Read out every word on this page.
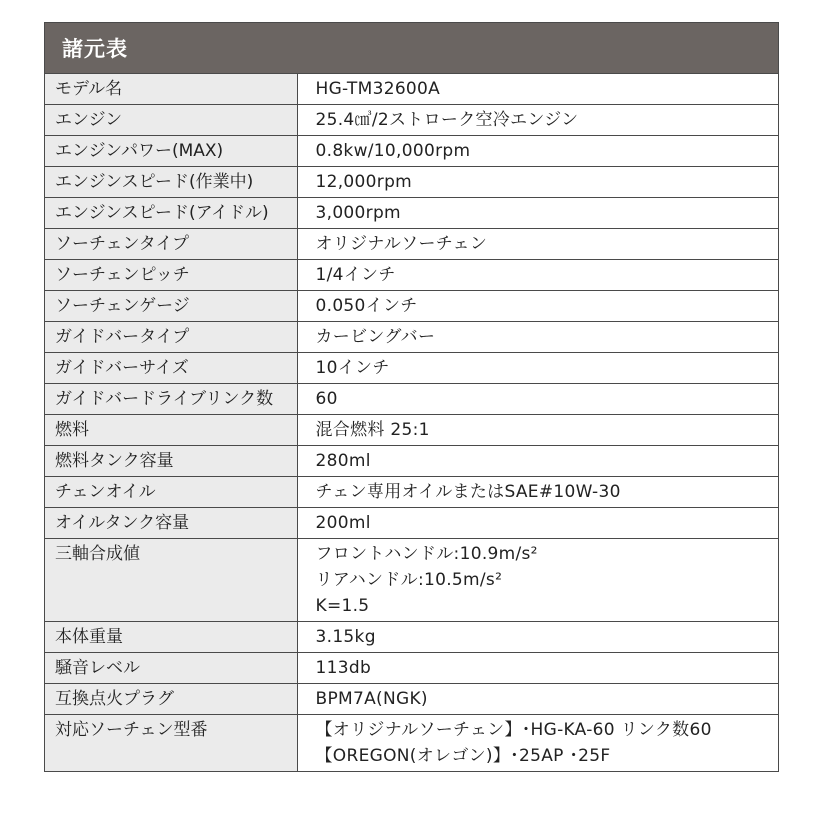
諸元表
モデル名	HG-TM32600A

エンジン	25.4㎤/2ストローク空冷エンジン

エンジンパワー(MAX)	0.8kw/10,000rpm

エンジンスピード(作業中)	12,000rpm

エンジンスピード(アイドル)	3,000rpm

ソーチェンタイプ	オリジナルソーチェン

ソーチェンピッチ	1/4インチ

ソーチェンゲージ	0.050インチ

ガイドバータイプ	カービングバー

ガイドバーサイズ	10インチ

ガイドバードライブリンク数	60

燃料	混合燃料 25:1

燃料タンク容量	280ml

チェンオイル	チェン専用オイルまたはSAE#10W-30

オイルタンク容量	200ml

三軸合成値	フロントハンドル:10.9m/s²
リアハンドル:10.5m/s²
K=1.5

本体重量	3.15kg

騒音レベル	113db

互換点火プラグ	BPM7A(NGK)

対応ソーチェン型番	【オリジナルソーチェン】･HG-KA-60 リンク数60
【OREGON(オレゴン)】･25AP ･25F
